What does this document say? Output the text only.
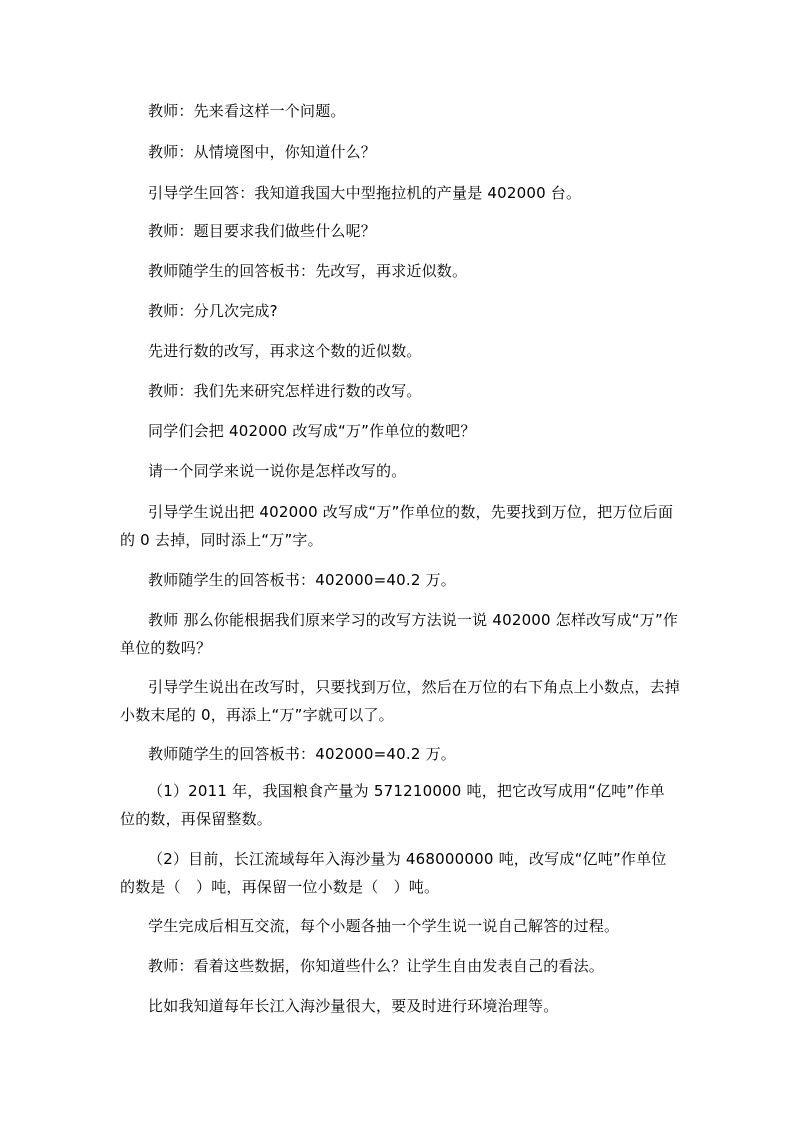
教师：先来看这样一个问题。

教师：从情境图中，你知道什么？

引导学生回答：我知道我国大中型拖拉机的产量是 402000 台。

教师：题目要求我们做些什么呢？

教师随学生的回答板书：先改写，再求近似数。

教师：分几次完成?

先进行数的改写，再求这个数的近似数。

教师：我们先来研究怎样进行数的改写。

同学们会把 402000 改写成“万”作单位的数吧？

请一个同学来说一说你是怎样改写的。

引导学生说出把 402000 改写成“万”作单位的数，先要找到万位，把万位后面的 0 去掉，同时添上“万”字。

教师随学生的回答板书：402000=40.2 万。

教师 那么你能根据我们原来学习的改写方法说一说 402000 怎样改写成“万”作单位的数吗？

引导学生说出在改写时，只要找到万位，然后在万位的右下角点上小数点，去掉小数末尾的 0，再添上“万”字就可以了。

教师随学生的回答板书：402000=40.2 万。

（1）2011 年，我国粮食产量为 571210000 吨，把它改写成用“亿吨”作单位的数，再保留整数。

（2）目前，长江流域每年入海沙量为 468000000 吨，改写成“亿吨”作单位的数是（　）吨，再保留一位小数是（　）吨。

学生完成后相互交流，每个小题各抽一个学生说一说自己解答的过程。

教师：看着这些数据，你知道些什么？让学生自由发表自己的看法。

比如我知道每年长江入海沙量很大，要及时进行环境治理等。
